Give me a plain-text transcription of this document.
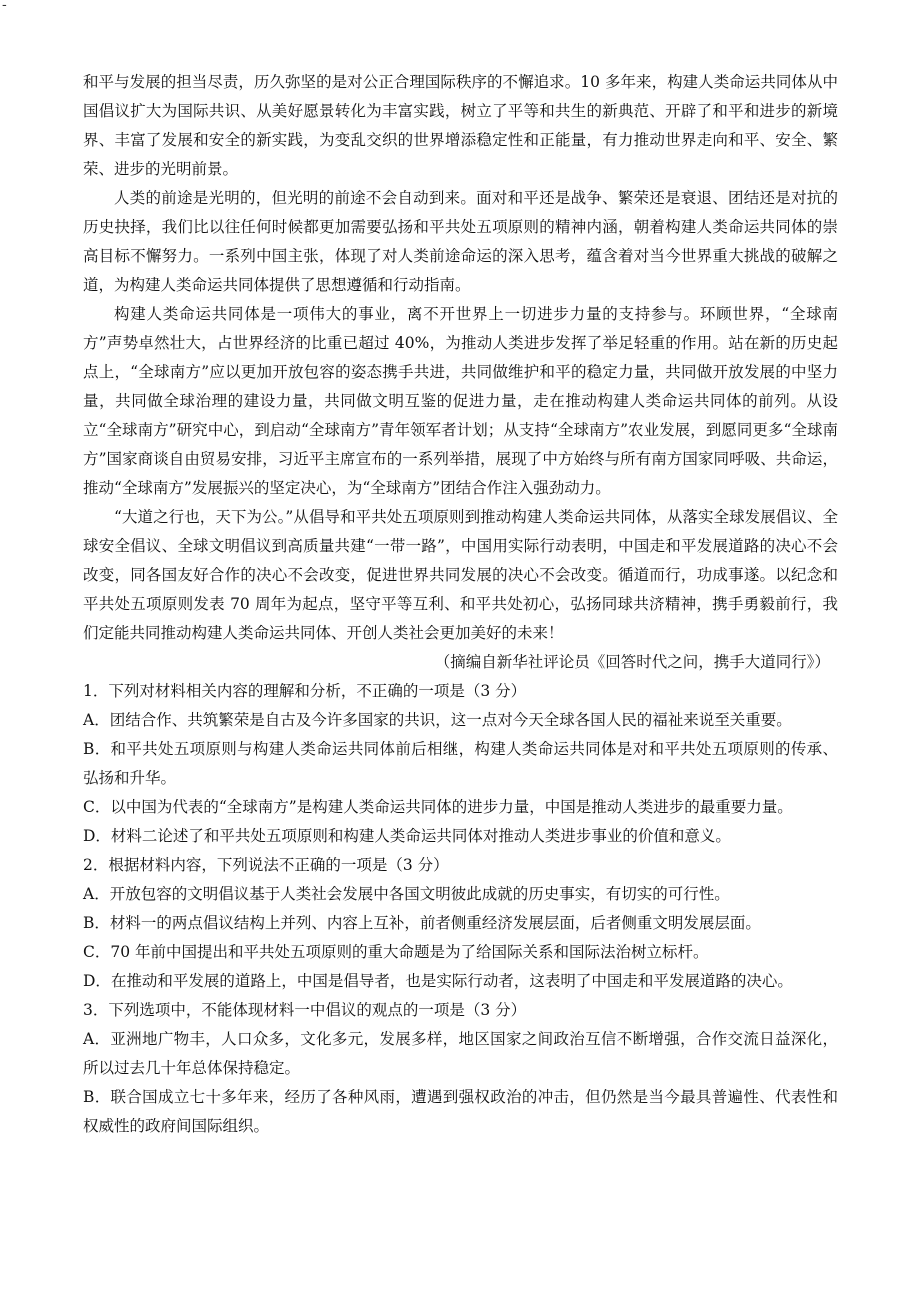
-

和平与发展的担当尽责，历久弥坚的是对公正合理国际秩序的不懈追求。10 多年来，构建人类命运共同体从中国倡议扩大为国际共识、从美好愿景转化为丰富实践，树立了平等和共生的新典范、开辟了和平和进步的新境界、丰富了发展和安全的新实践，为变乱交织的世界增添稳定性和正能量，有力推动世界走向和平、安全、繁荣、进步的光明前景。

人类的前途是光明的，但光明的前途不会自动到来。面对和平还是战争、繁荣还是衰退、团结还是对抗的历史抉择，我们比以往任何时候都更加需要弘扬和平共处五项原则的精神内涵，朝着构建人类命运共同体的崇高目标不懈努力。一系列中国主张，体现了对人类前途命运的深入思考，蕴含着对当今世界重大挑战的破解之道，为构建人类命运共同体提供了思想遵循和行动指南。

构建人类命运共同体是一项伟大的事业，离不开世界上一切进步力量的支持参与。环顾世界，“全球南方”声势卓然壮大，占世界经济的比重已超过 40%，为推动人类进步发挥了举足轻重的作用。站在新的历史起点上，“全球南方”应以更加开放包容的姿态携手共进，共同做维护和平的稳定力量，共同做开放发展的中坚力量，共同做全球治理的建设力量，共同做文明互鉴的促进力量，走在推动构建人类命运共同体的前列。从设立“全球南方”研究中心，到启动“全球南方”青年领军者计划；从支持“全球南方”农业发展，到愿同更多“全球南方”国家商谈自由贸易安排，习近平主席宣布的一系列举措，展现了中方始终与所有南方国家同呼吸、共命运，推动“全球南方”发展振兴的坚定决心，为“全球南方”团结合作注入强劲动力。

“大道之行也，天下为公。”从倡导和平共处五项原则到推动构建人类命运共同体，从落实全球发展倡议、全球安全倡议、全球文明倡议到高质量共建“一带一路”，中国用实际行动表明，中国走和平发展道路的决心不会改变，同各国友好合作的决心不会改变，促进世界共同发展的决心不会改变。循道而行，功成事遂。以纪念和平共处五项原则发表 70 周年为起点，坚守平等互利、和平共处初心，弘扬同球共济精神，携手勇毅前行，我们定能共同推动构建人类命运共同体、开创人类社会更加美好的未来！

（摘编自新华社评论员《回答时代之问，携手大道同行》）

1．下列对材料相关内容的理解和分析，不正确的一项是（3 分）

A．团结合作、共筑繁荣是自古及今许多国家的共识，这一点对今天全球各国人民的福祉来说至关重要。

B．和平共处五项原则与构建人类命运共同体前后相继，构建人类命运共同体是对和平共处五项原则的传承、弘扬和升华。

C．以中国为代表的“全球南方”是构建人类命运共同体的进步力量，中国是推动人类进步的最重要力量。

D．材料二论述了和平共处五项原则和构建人类命运共同体对推动人类进步事业的价值和意义。

2．根据材料内容，下列说法不正确的一项是（3 分）

A．开放包容的文明倡议基于人类社会发展中各国文明彼此成就的历史事实，有切实的可行性。

B．材料一的两点倡议结构上并列、内容上互补，前者侧重经济发展层面，后者侧重文明发展层面。

C．70 年前中国提出和平共处五项原则的重大命题是为了给国际关系和国际法治树立标杆。

D．在推动和平发展的道路上，中国是倡导者，也是实际行动者，这表明了中国走和平发展道路的决心。

3．下列选项中，不能体现材料一中倡议的观点的一项是（3 分）

A．亚洲地广物丰，人口众多，文化多元，发展多样，地区国家之间政治互信不断增强，合作交流日益深化，所以过去几十年总体保持稳定。

B．联合国成立七十多年来，经历了各种风雨，遭遇到强权政治的冲击，但仍然是当今最具普遍性、代表性和权威性的政府间国际组织。
